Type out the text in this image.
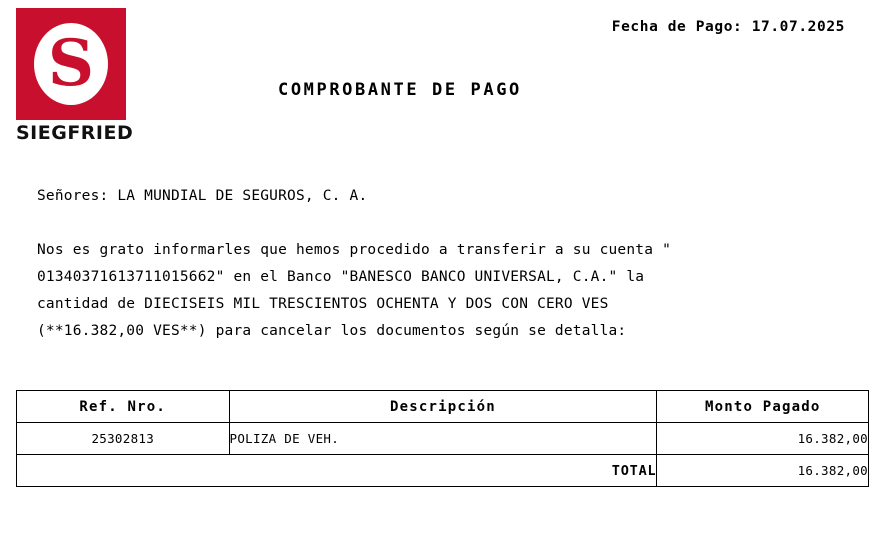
S
SIEGFRIED
Fecha de Pago: 17.07.2025
COMPROBANTE DE PAGO

Señores: LA MUNDIAL DE SEGUROS, C. A.

Nos es grato informarles que hemos procedido a transferir a su cuenta "

01340371613711015662" en el Banco "BANESCO BANCO UNIVERSAL, C.A." la

cantidad de DIECISEIS MIL TRESCIENTOS OCHENTA Y DOS CON CERO VES

(**16.382,00 VES**) para cancelar los documentos según se detalla:

Ref. Nro.	Descripción	Monto Pagado
25302813	POLIZA DE VEH.	16.382,00
TOTAL		16.382,00
